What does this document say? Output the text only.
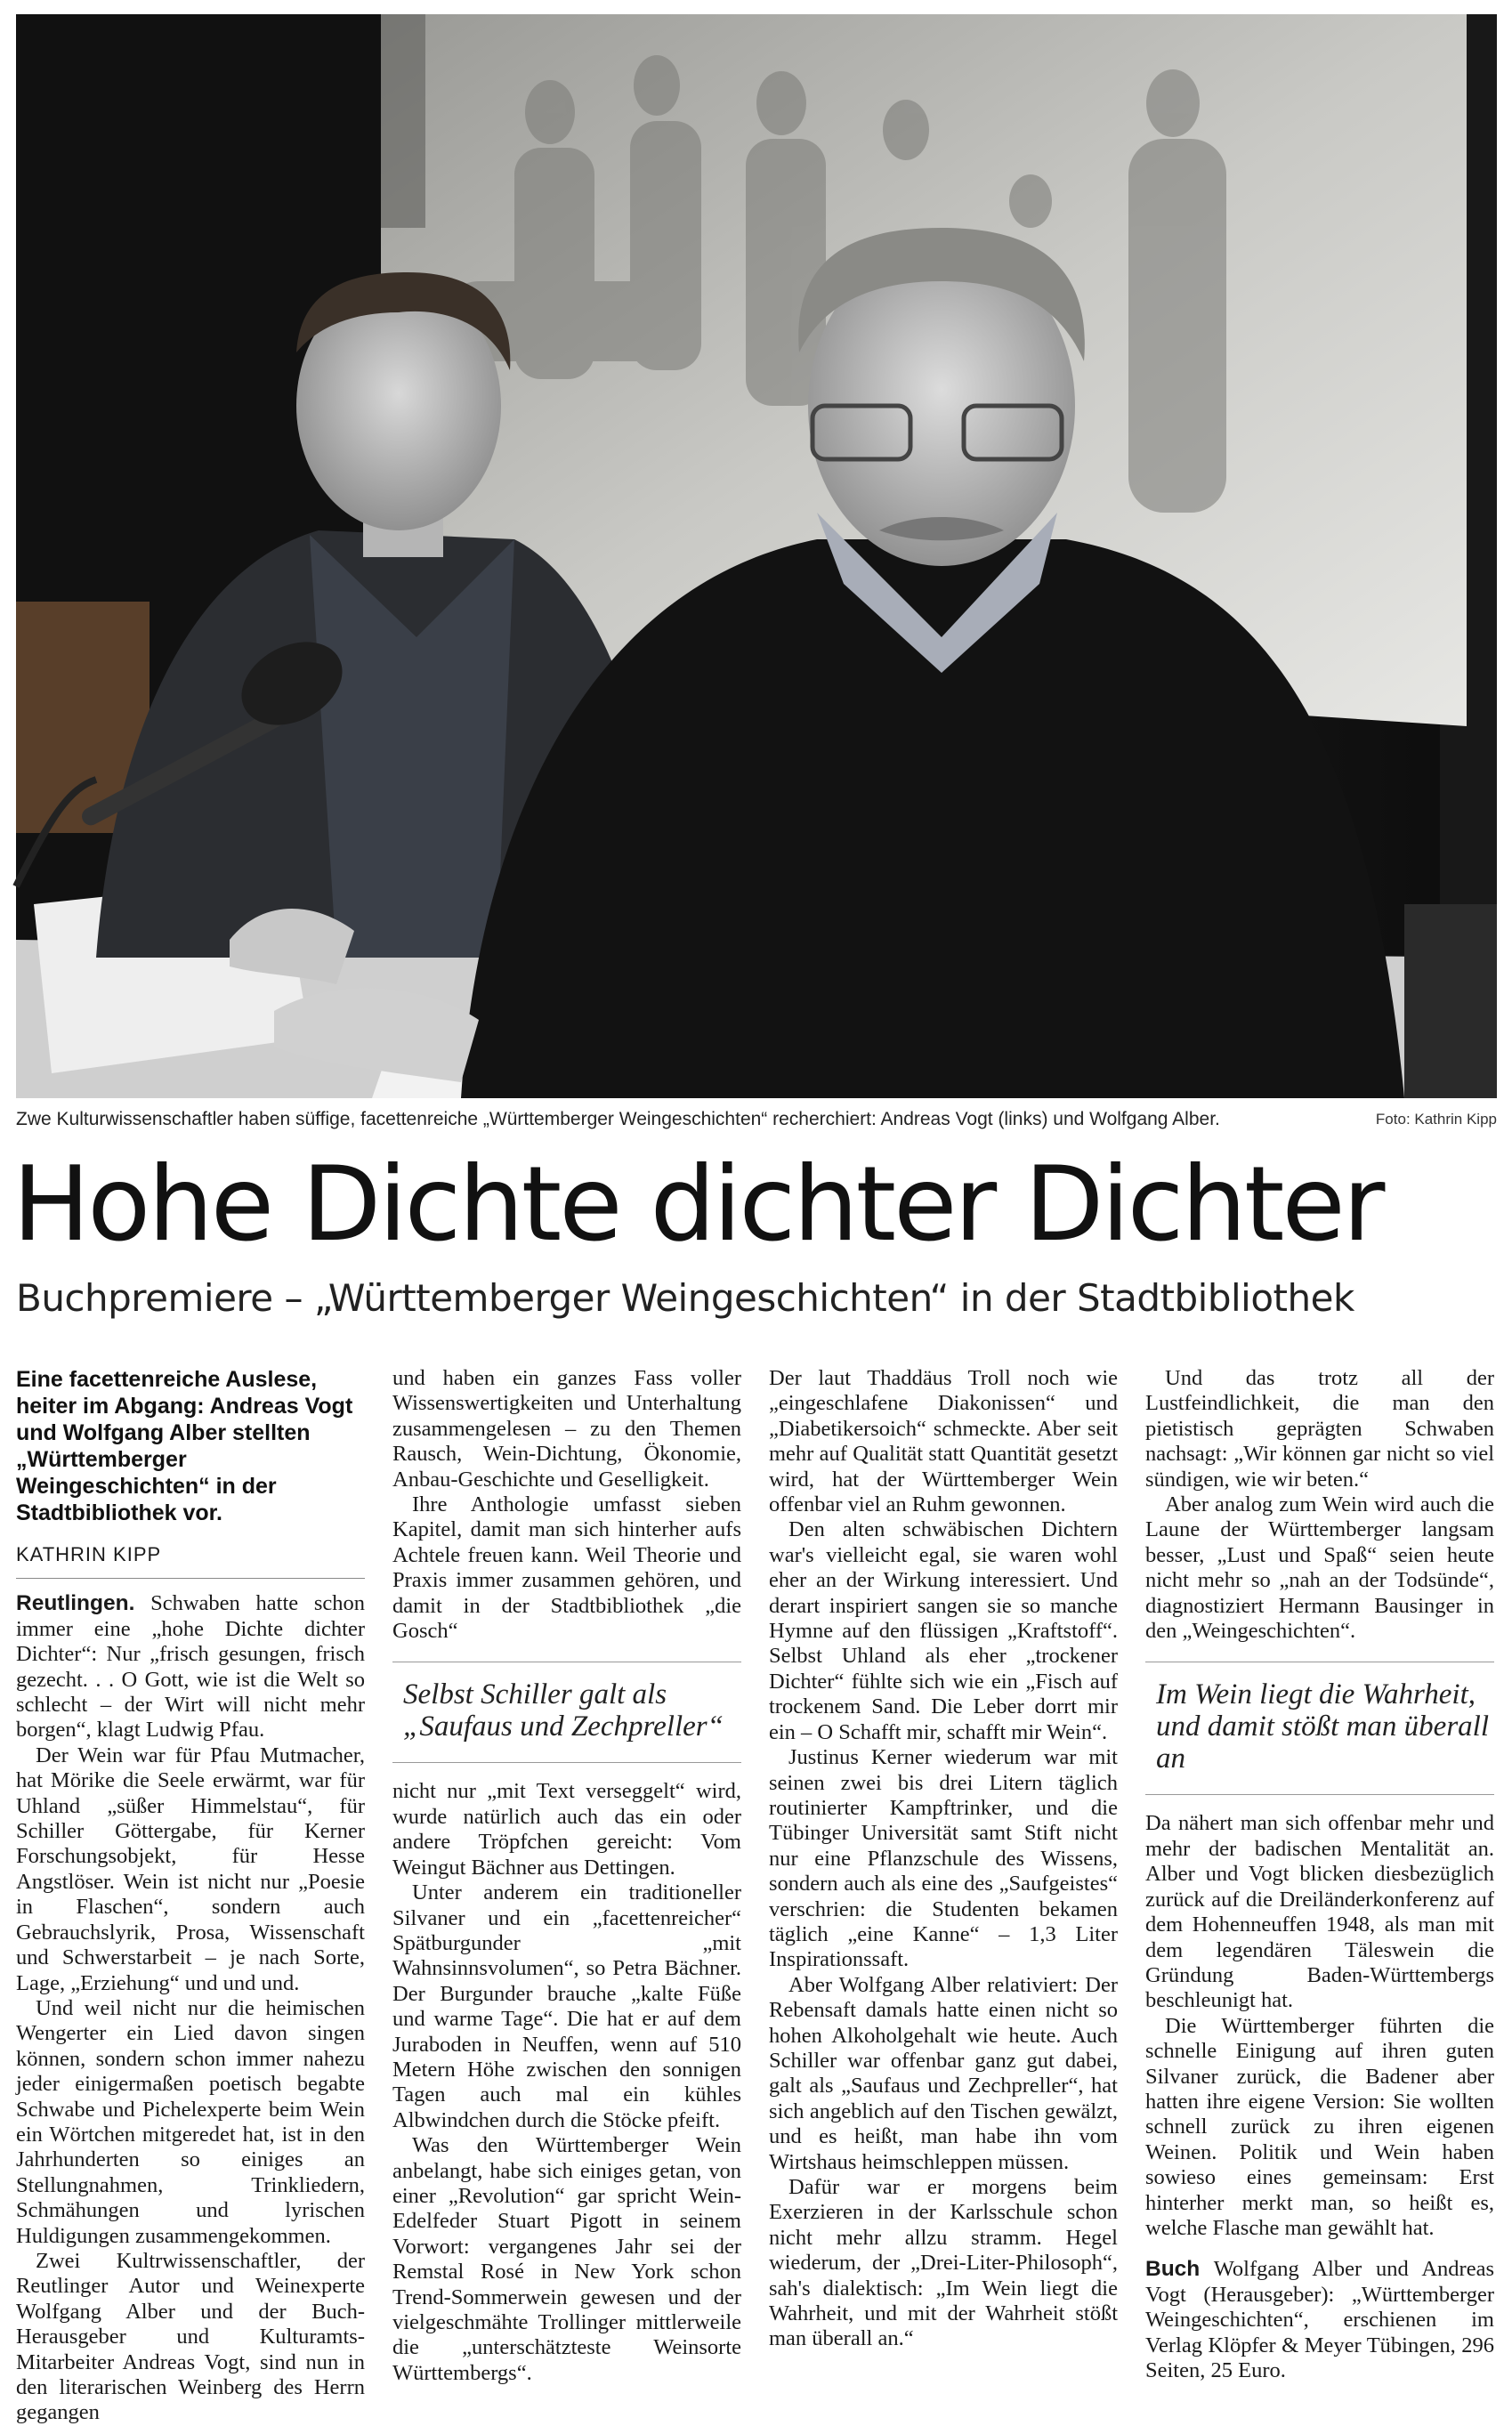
Zwe Kulturwissenschaftler haben süffige, facettenreiche „Württemberger Weingeschichten“ recherchiert: Andreas Vogt (links) und Wolfgang Alber.	Foto: Kathrin Kipp
Hohe Dichte dichter Dichter
Buchpremiere – „Württemberger Weingeschichten“ in der Stadtbibliothek
Eine facettenreiche Auslese, heiter im Abgang: Andreas Vogt und Wolfgang Alber stellten „Württemberger Weingeschichten“ in der Stadtbibliothek vor.
KATHRIN KIPP

Reutlingen. Schwaben hatte schon immer eine „hohe Dichte dichter Dichter“: Nur „frisch gesungen, frisch gezecht. . . O Gott, wie ist die Welt so schlecht – der Wirt will nicht mehr borgen“, klagt Ludwig Pfau.

Der Wein war für Pfau Mutmacher, hat Mörike die Seele erwärmt, war für Uhland „süßer Himmelstau“, für Schiller Göttergabe, für Kerner Forschungsobjekt, für Hesse Angstlöser. Wein ist nicht nur „Poesie in Flaschen“, sondern auch Gebrauchslyrik, Prosa, Wissenschaft und Schwerstarbeit – je nach Sorte, Lage, „Erziehung“ und und und.

Und weil nicht nur die heimischen Wengerter ein Lied davon singen können, sondern schon immer nahezu jeder einigermaßen poetisch begabte Schwabe und Pichelexperte beim Wein ein Wörtchen mitgeredet hat, ist in den Jahrhunderten so einiges an Stellungnahmen, Trinkliedern, Schmähungen und lyrischen Huldigungen zusammengekommen.

Zwei Kultrwissenschaftler, der Reutlinger Autor und Weinexperte Wolfgang Alber und der Buch-Herausgeber und Kulturamts-Mitarbeiter Andreas Vogt, sind nun in den literarischen Weinberg des Herrn gegangen

und haben ein ganzes Fass voller Wissenswertigkeiten und Unterhaltung zusammengelesen – zu den Themen Rausch, Wein-Dichtung, Ökonomie, Anbau-Geschichte und Geselligkeit.

Ihre Anthologie umfasst sieben Kapitel, damit man sich hinterher aufs Achtele freuen kann. Weil Theorie und Praxis immer zusammen gehören, und damit in der Stadtbibliothek „die Gosch“

Selbst Schiller galt als „Saufaus und Zechpreller“

nicht nur „mit Text verseggelt“ wird, wurde natürlich auch das ein oder andere Tröpfchen gereicht: Vom Weingut Bächner aus Dettingen.

Unter anderem ein traditioneller Silvaner und ein „facettenreicher“ Spätburgunder „mit Wahnsinnsvolumen“, so Petra Bächner. Der Burgunder brauche „kalte Füße und warme Tage“. Die hat er auf dem Juraboden in Neuffen, wenn auf 510 Metern Höhe zwischen den sonnigen Tagen auch mal ein kühles Albwindchen durch die Stöcke pfeift.

Was den Württemberger Wein anbelangt, habe sich einiges getan, von einer „Revolution“ gar spricht Wein-Edelfeder Stuart Pigott in seinem Vorwort: vergangenes Jahr sei der Remstal Rosé in New York schon Trend-Sommerwein gewesen und der vielgeschmähte Trollinger mittlerweile die „unterschätzteste Weinsorte Württembergs“.

Der laut Thaddäus Troll noch wie „eingeschlafene Diakonissen“ und „Diabetikersoich“ schmeckte. Aber seit mehr auf Qualität statt Quantität gesetzt wird, hat der Württemberger Wein offenbar viel an Ruhm gewonnen.

Den alten schwäbischen Dichtern war's vielleicht egal, sie waren wohl eher an der Wirkung interessiert. Und derart inspiriert sangen sie so manche Hymne auf den flüssigen „Kraftstoff“. Selbst Uhland als eher „trockener Dichter“ fühlte sich wie ein „Fisch auf trockenem Sand. Die Leber dorrt mir ein – O Schafft mir, schafft mir Wein“.

Justinus Kerner wiederum war mit seinen zwei bis drei Litern täglich routinierter Kampftrinker, und die Tübinger Universität samt Stift nicht nur eine Pflanzschule des Wissens, sondern auch als eine des „Saufgeistes“ verschrien: die Studenten bekamen täglich „eine Kanne“ – 1,3 Liter Inspirationssaft.

Aber Wolfgang Alber relativiert: Der Rebensaft damals hatte einen nicht so hohen Alkoholgehalt wie heute. Auch Schiller war offenbar ganz gut dabei, galt als „Saufaus und Zechpreller“, hat sich angeblich auf den Tischen gewälzt, und es heißt, man habe ihn vom Wirtshaus heimschleppen müssen.

Dafür war er morgens beim Exerzieren in der Karlsschule schon nicht mehr allzu stramm. Hegel wiederum, der „Drei-Liter-Philosoph“, sah's dialektisch: „Im Wein liegt die Wahrheit, und mit der Wahrheit stößt man überall an.“

Und das trotz all der Lustfeindlichkeit, die man den pietistisch geprägten Schwaben nachsagt: „Wir können gar nicht so viel sündigen, wie wir beten.“

Aber analog zum Wein wird auch die Laune der Württemberger langsam besser, „Lust und Spaß“ seien heute nicht mehr so „nah an der Todsünde“, diagnostiziert Hermann Bausinger in den „Weingeschichten“.

Im Wein liegt die Wahrheit, und damit stößt man überall an

Da nähert man sich offenbar mehr und mehr der badischen Mentalität an. Alber und Vogt blicken diesbezüglich zurück auf die Dreiländerkonferenz auf dem Hohenneuffen 1948, als man mit dem legendären Täleswein die Gründung Baden-Württembergs beschleunigt hat.

Die Württemberger führten die schnelle Einigung auf ihren guten Silvaner zurück, die Badener aber hatten ihre eigene Version: Sie wollten schnell zurück zu ihren eigenen Weinen. Politik und Wein haben sowieso eines gemeinsam: Erst hinterher merkt man, so heißt es, welche Flasche man gewählt hat.

Buch Wolfgang Alber und Andreas Vogt (Herausgeber): „Württemberger Weingeschichten“, erschienen im Verlag Klöpfer & Meyer Tübingen, 296 Seiten, 25 Euro.
